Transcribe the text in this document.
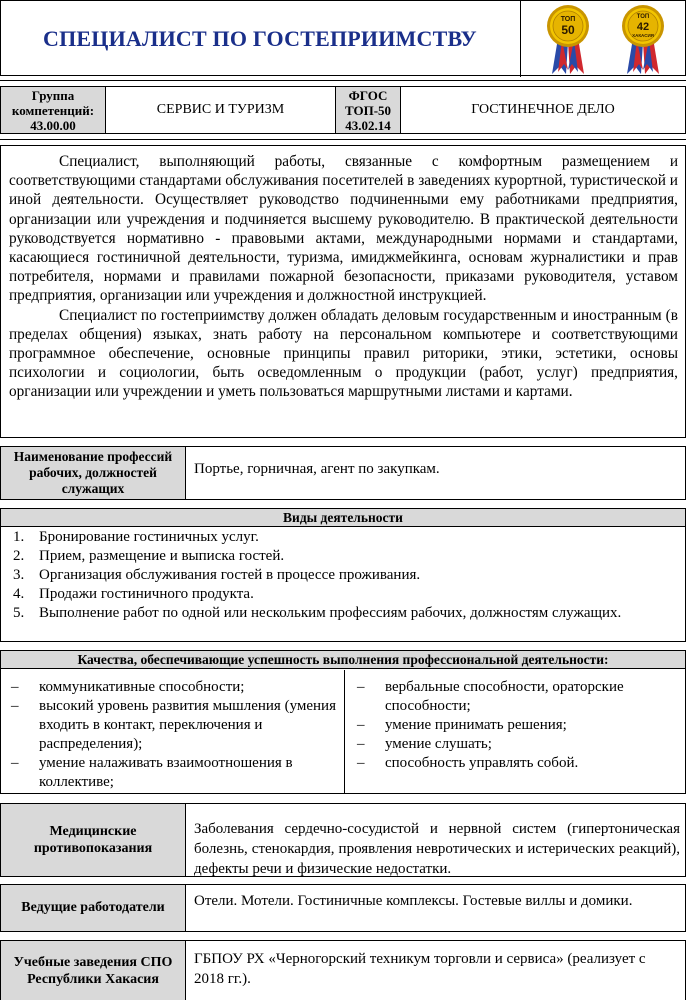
СПЕЦИАЛИСТ ПО ГОСТЕПРИИМСТВУ
ТОП
50
ТОП
42
ХАКАСИЯ
Группа
компетенций:
43.00.00
СЕРВИС И ТУРИЗМ
ФГОС
ТОП-50
43.02.14
ГОСТИНЕЧНОЕ ДЕЛО

Специалист, выполняющий работы, связанные с комфортным размещением и соответствующими стандартами обслуживания посетителей в заведениях курортной, туристической и иной деятельности. Осуществляет руководство подчиненными ему работниками предприятия, организации или учреждения и подчиняется высшему руководителю. В практической деятельности руководствуется нормативно - правовыми актами, международными нормами и стандартами, касающиеся гостиничной деятельности, туризма, имиджмейкинга, основам журналистики и прав потребителя, нормами и правилами пожарной безопасности, приказами руководителя, уставом предприятия, организации или учреждения и должностной инструкцией.

Специалист по гостеприимству должен обладать деловым государственным и иностранным (в пределах общения) языках, знать работу на персональном компьютере и соответствующими программное обеспечение, основные принципы правил риторики, этики, эстетики, основы психологии и социологии, быть осведомленным о продукции (работ, услуг) предприятия, организации или учреждении и уметь пользоваться маршрутными листами и картами.

Наименование профессий рабочих, должностей служащих
Портье, горничная, агент по закупкам.
Виды деятельности
1. Бронирование гостиничных услуг.
2. Прием, размещение и выписка гостей.
3. Организация обслуживания гостей в процессе проживания.
4. Продажи гостиничного продукта.
5. Выполнение работ по одной или нескольким профессиям рабочих, должностям служащих.
Качества, обеспечивающие успешность выполнения профессиональной деятельности:
– коммуникативные способности;
– высокий уровень развития мышления (умения входить в контакт, переключения и распределения);
– умение налаживать взаимоотношения в коллективе;
– вербальные способности, ораторские способности;
– умение принимать решения;
– умение слушать;
– способность управлять собой.
Медицинские противопоказания
Заболевания сердечно-сосудистой и нервной систем (гипертоническая болезнь, стенокардия, проявления невротических и истерических реакций), дефекты речи и физические недостатки.
Ведущие работодатели	Отели. Мотели. Гостиничные комплексы. Гостевые виллы и домики.
Учебные заведения СПО Республики Хакасия
ГБПОУ РХ «Черногорский техникум торговли и сервиса» (реализует с 2018 гг.).
